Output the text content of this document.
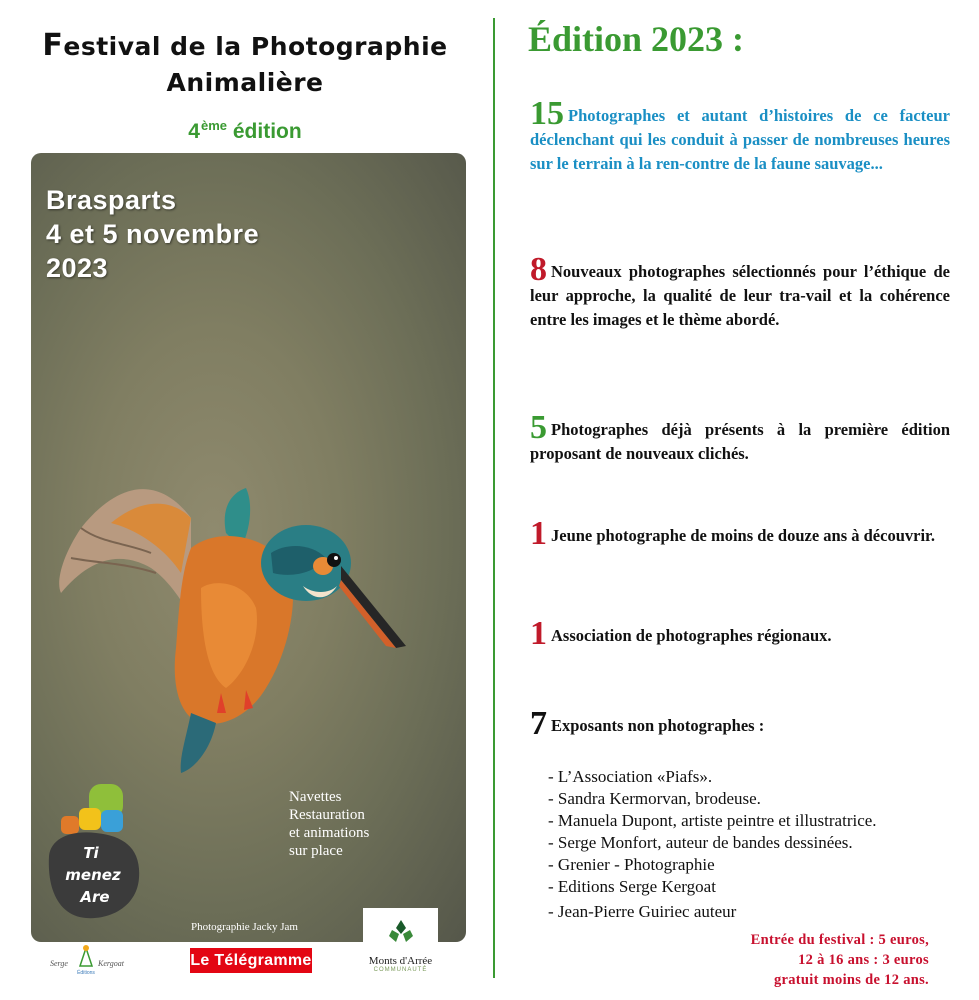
Festival de la Photographie
Animalière
4ème édition
Brasparts
4 et 5 novembre
2023
Navettes
Restauration
et animations
sur place
Photographie Jacky Jam
Ti
menez
Are
Serge	Kergoat
Éditions
Le Télégramme	Monts d'Arrée
COMMUNAUTÉ
Édition 2023 :
15 Photographes et autant d’histoires de ce facteur déclenchant qui les conduit à passer de nombreuses heures sur le terrain à la ren-contre de la faune sauvage...
8 Nouveaux photographes sélectionnés pour l’éthique de leur approche, la qualité de leur tra-vail et la cohérence entre les images et le thème abordé.
5 Photographes déjà présents à la première édition proposant de nouveaux clichés.
1 Jeune photographe de moins de douze ans à découvrir.
1 Association de photographes régionaux.
7 Exposants non photographes :
- L’Association «Piafs».
- Sandra Kermorvan, brodeuse.
- Manuela Dupont, artiste peintre et illustratrice.
- Serge Monfort, auteur de bandes dessinées.
- Grenier - Photographie
- Editions Serge Kergoat
- Jean-Pierre Guiriec auteur
Entrée du festival : 5 euros,
12 à 16 ans : 3 euros
gratuit moins de 12 ans.
